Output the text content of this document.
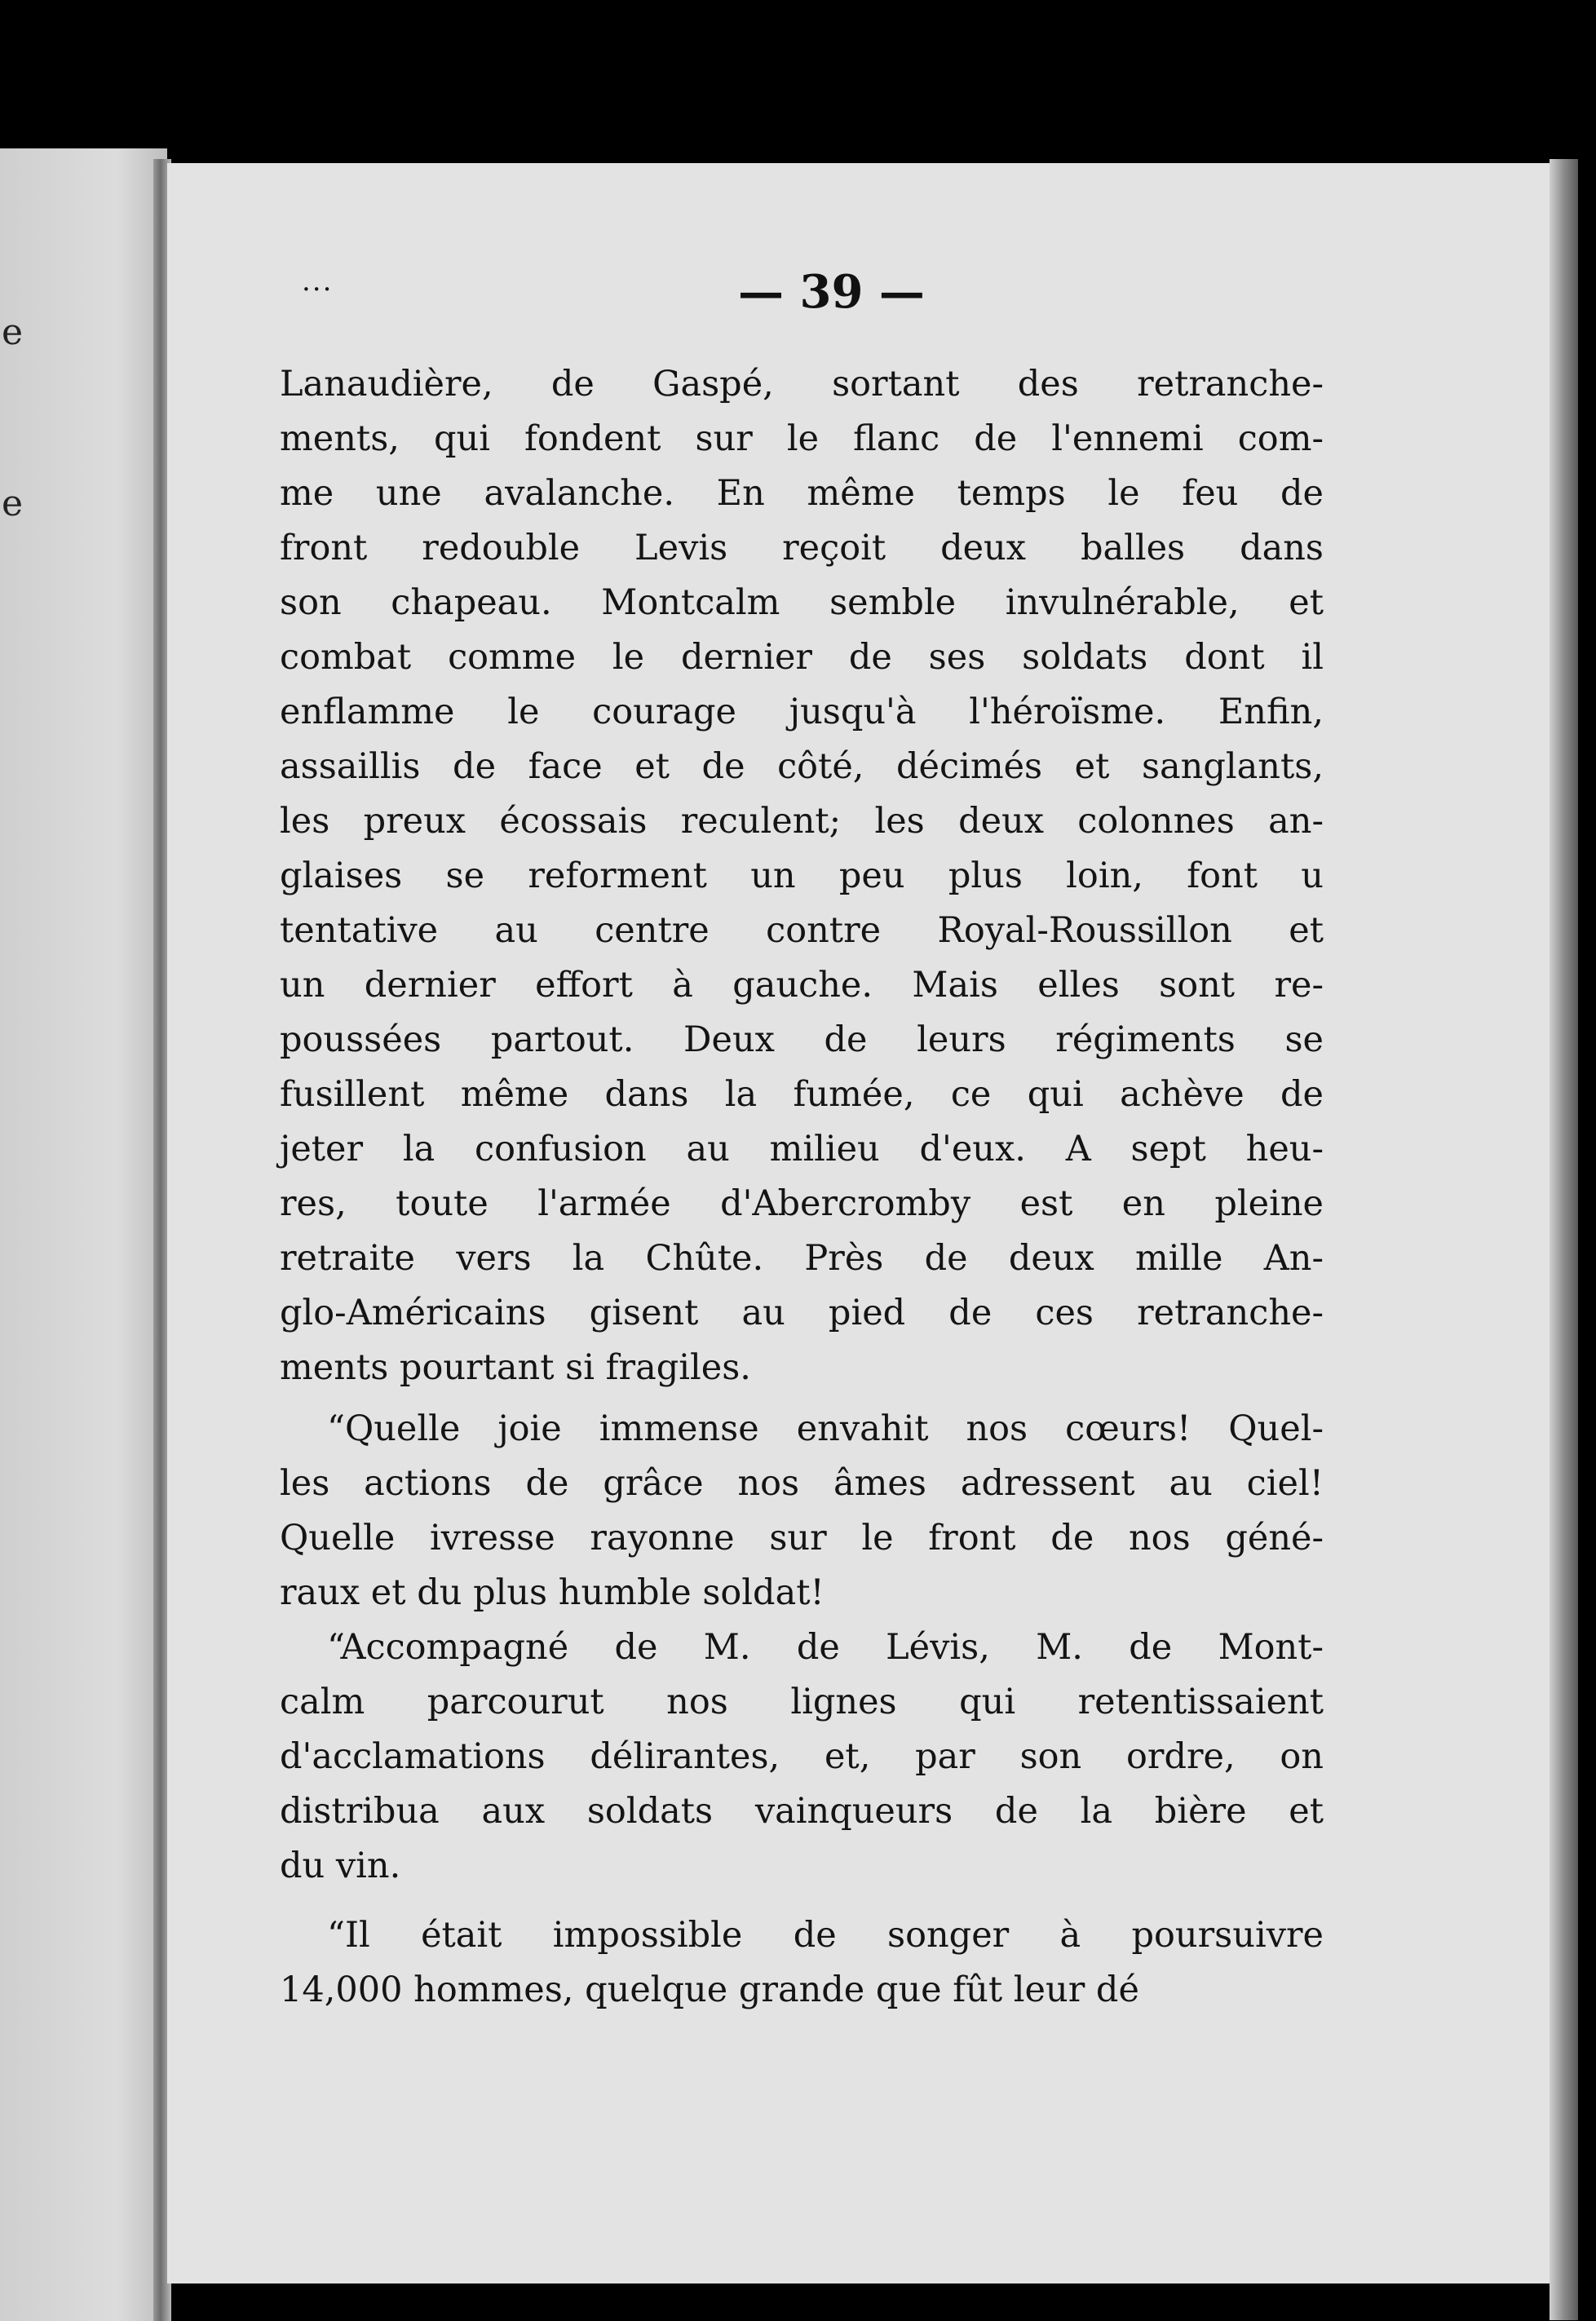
e
e
...	— 39 —
Lanaudière, de Gaspé, sortant des retranche-
ments, qui fondent sur le flanc de l'ennemi com-
me une avalanche. En même temps le feu de
front redouble Levis reçoit deux balles dans
son chapeau. Montcalm semble invulnérable, et
combat comme le dernier de ses soldats dont il
enflamme le courage jusqu'à l'héroïsme. Enfin,
assaillis de face et de côté, décimés et sanglants,
les preux écossais reculent; les deux colonnes an-
glaises se reforment un peu plus loin, font u
tentative au centre contre Royal-Roussillon et
un dernier effort à gauche. Mais elles sont re-
poussées partout. Deux de leurs régiments se
fusillent même dans la fumée, ce qui achève de
jeter la confusion au milieu d'eux. A sept heu-
res, toute l'armée d'Abercromby est en pleine
retraite vers la Chûte. Près de deux mille An-
glo-Américains gisent au pied de ces retranche-
ments pourtant si fragiles.
“Quelle joie immense envahit nos cœurs! Quel-
les actions de grâce nos âmes adressent au ciel!
Quelle ivresse rayonne sur le front de nos géné-
raux et du plus humble soldat!
“Accompagné de M. de Lévis, M. de Mont-
calm parcourut nos lignes qui retentissaient
d'acclamations délirantes, et, par son ordre, on
distribua aux soldats vainqueurs de la bière et
du vin.
“Il était impossible de songer à poursuivre
14,000 hommes, quelque grande que fût leur dé
